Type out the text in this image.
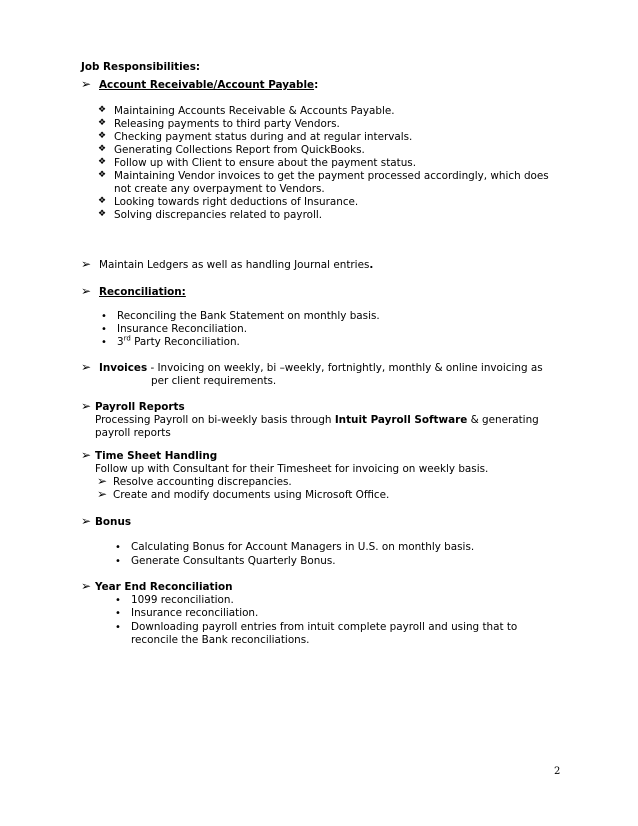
Job Responsibilities:
➢ Account Receivable/Account Payable:
❖ Maintaining Accounts Receivable & Accounts Payable.
❖ Releasing payments to third party Vendors.
❖ Checking payment status during and at regular intervals.
❖ Generating Collections Report from QuickBooks.
❖ Follow up with Client to ensure about the payment status.
❖ Maintaining Vendor invoices to get the payment processed accordingly, which does
not create any overpayment to Vendors.
❖ Looking towards right deductions of Insurance.
❖ Solving discrepancies related to payroll.
➢ Maintain Ledgers as well as handling Journal entries.
➢ Reconciliation:
• Reconciling the Bank Statement on monthly basis.
• Insurance Reconciliation.
• 3rd Party Reconciliation.
➢ Invoices - Invoicing on weekly, bi –weekly, fortnightly, monthly & online invoicing as
per client requirements.
➢ Payroll Reports
Processing Payroll on bi-weekly basis through Intuit Payroll Software & generating
payroll reports
➢ Time Sheet Handling
Follow up with Consultant for their Timesheet for invoicing on weekly basis.
➢ Resolve accounting discrepancies.
➢ Create and modify documents using Microsoft Office.
➢ Bonus
• Calculating Bonus for Account Managers in U.S. on monthly basis.
• Generate Consultants Quarterly Bonus.
➢ Year End Reconciliation
• 1099 reconciliation.
• Insurance reconciliation.
• Downloading payroll entries from intuit complete payroll and using that to
reconcile the Bank reconciliations.
2
